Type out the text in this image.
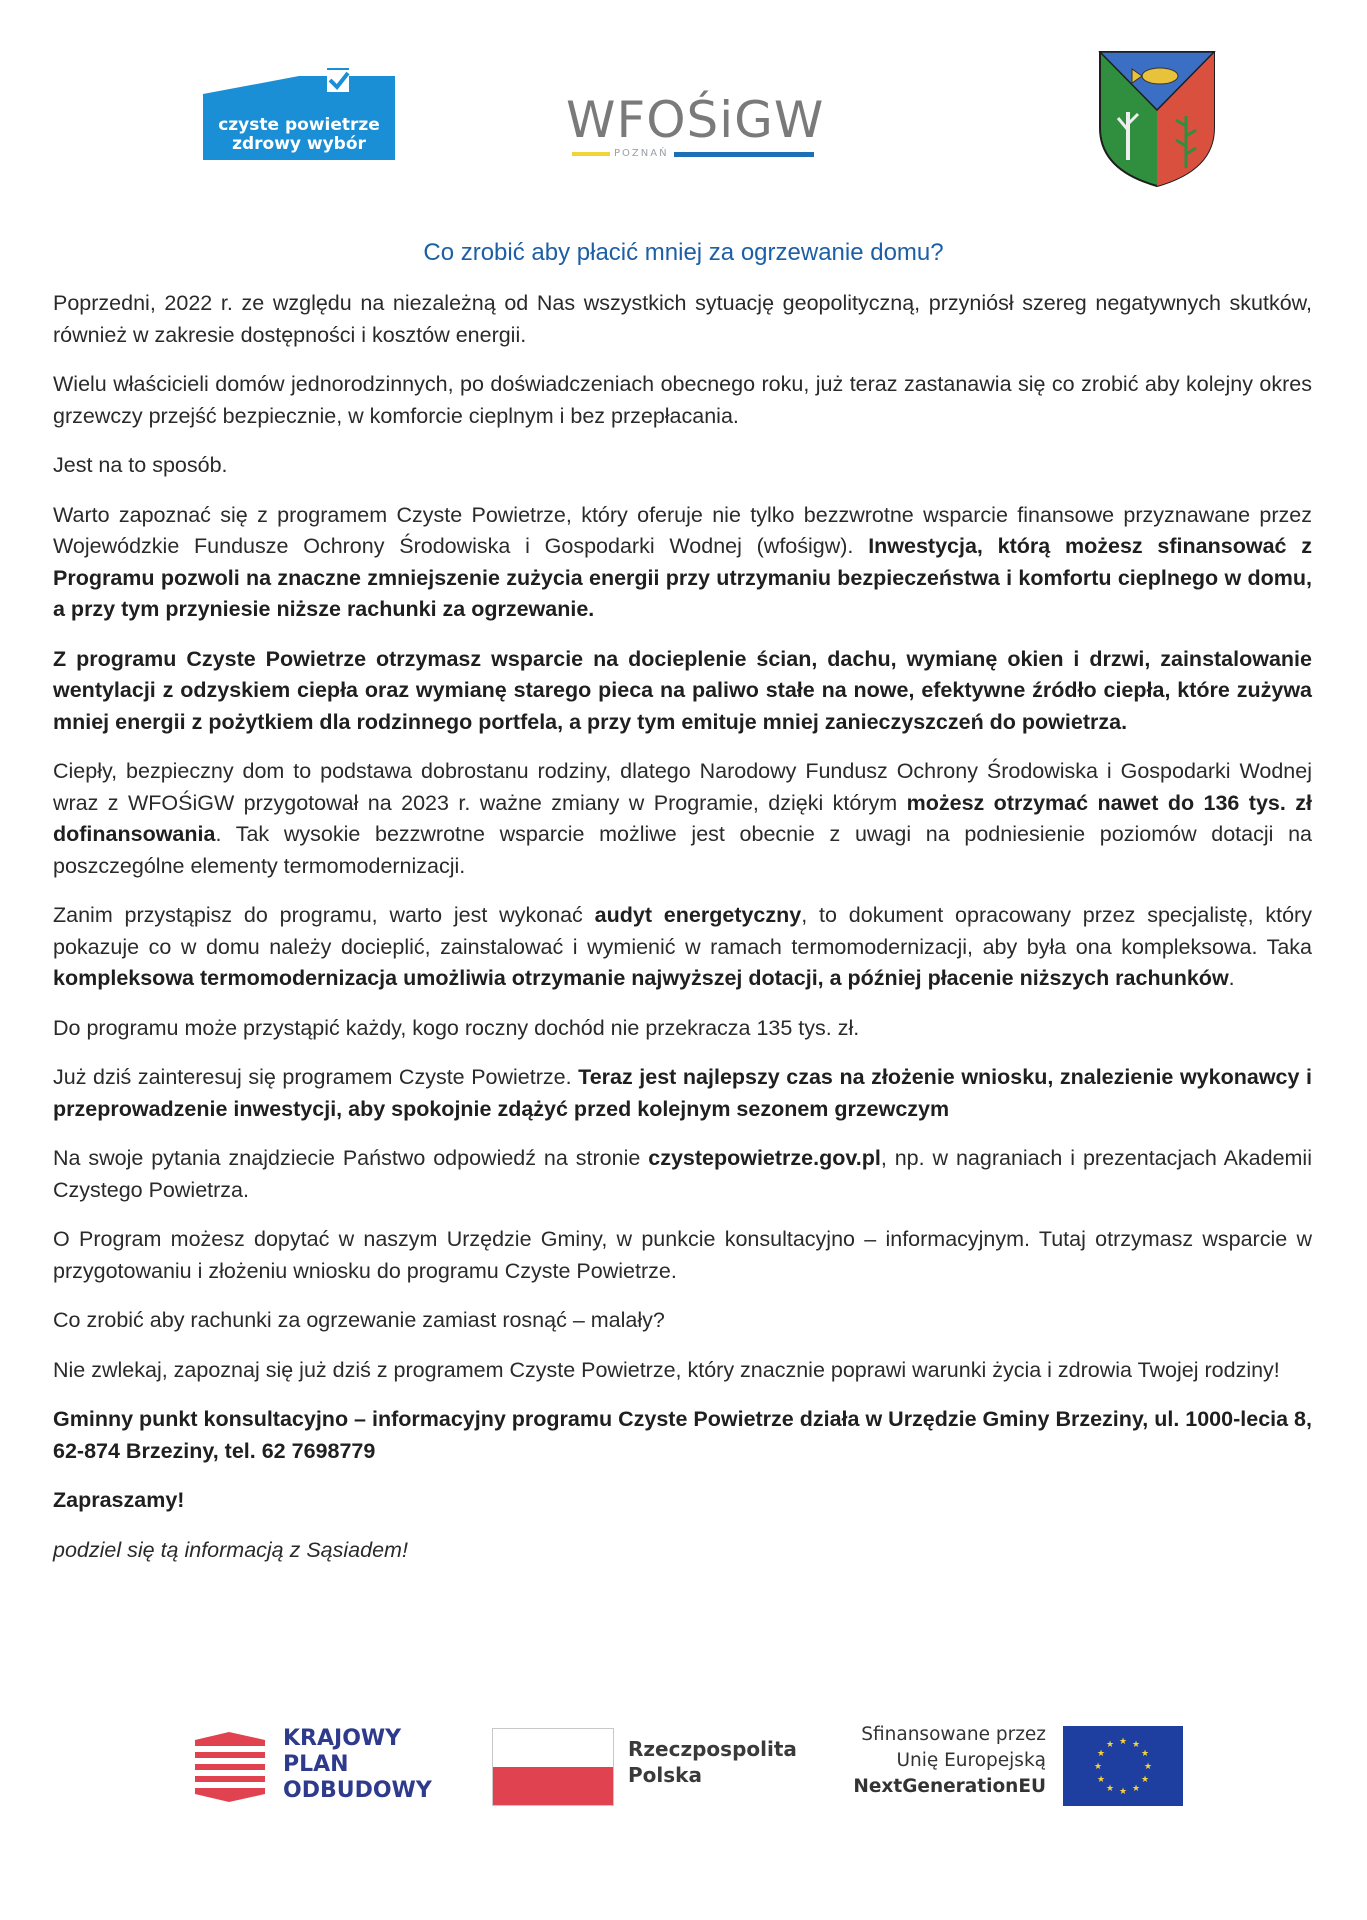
czyste powietrze
zdrowy wybór	WFOŚiGW
POZNAŃ
Co zrobić aby płacić mniej za ogrzewanie domu?

Poprzedni, 2022 r. ze względu na niezależną od Nas wszystkich sytuację geopolityczną, przyniósł szereg negatywnych skutków, również w zakresie dostępności i kosztów energii.

Wielu właścicieli domów jednorodzinnych, po doświadczeniach obecnego roku, już teraz zastanawia się co zrobić aby kolejny okres grzewczy przejść bezpiecznie, w komforcie cieplnym i bez przepłacania.

Jest na to sposób.

Warto zapoznać się z programem Czyste Powietrze, który oferuje nie tylko bezzwrotne wsparcie finansowe przyznawane przez Wojewódzkie Fundusze Ochrony Środowiska i Gospodarki Wodnej (wfośigw). Inwestycja, którą możesz sfinansować z Programu pozwoli na znaczne zmniejszenie zużycia energii przy utrzymaniu bezpieczeństwa i komfortu cieplnego w domu, a przy tym przyniesie niższe rachunki za ogrzewanie.

Z programu Czyste Powietrze otrzymasz wsparcie na docieplenie ścian, dachu, wymianę okien i drzwi, zainstalowanie wentylacji z odzyskiem ciepła oraz wymianę starego pieca na paliwo stałe na nowe, efektywne źródło ciepła, które zużywa mniej energii z pożytkiem dla rodzinnego portfela, a przy tym emituje mniej zanieczyszczeń do powietrza.

Ciepły, bezpieczny dom to podstawa dobrostanu rodziny, dlatego Narodowy Fundusz Ochrony Środowiska i Gospodarki Wodnej wraz z WFOŚiGW przygotował na 2023 r. ważne zmiany w Programie, dzięki którym możesz otrzymać nawet do 136 tys. zł dofinansowania. Tak wysokie bezzwrotne wsparcie możliwe jest obecnie z uwagi na podniesienie poziomów dotacji na poszczególne elementy termomodernizacji.

Zanim przystąpisz do programu, warto jest wykonać audyt energetyczny, to dokument opracowany przez specjalistę, który pokazuje co w domu należy docieplić, zainstalować i wymienić w ramach termomodernizacji, aby była ona kompleksowa. Taka kompleksowa termomodernizacja umożliwia otrzymanie najwyższej dotacji, a później płacenie niższych rachunków.

Do programu może przystąpić każdy, kogo roczny dochód nie przekracza 135 tys. zł.

Już dziś zainteresuj się programem Czyste Powietrze. Teraz jest najlepszy czas na złożenie wniosku, znalezienie wykonawcy i przeprowadzenie inwestycji, aby spokojnie zdążyć przed kolejnym sezonem grzewczym

Na swoje pytania znajdziecie Państwo odpowiedź na stronie czystepowietrze.gov.pl, np. w nagraniach i prezentacjach Akademii Czystego Powietrza.

O Program możesz dopytać w naszym Urzędzie Gminy, w punkcie konsultacyjno – informacyjnym. Tutaj otrzymasz wsparcie w przygotowaniu i złożeniu wniosku do programu Czyste Powietrze.

Co zrobić aby rachunki za ogrzewanie zamiast rosnąć – malały?

Nie zwlekaj, zapoznaj się już dziś z programem Czyste Powietrze, który znacznie poprawi warunki życia i zdrowia Twojej rodziny!

Gminny punkt konsultacyjno – informacyjny programu Czyste Powietrze działa w Urzędzie Gminy Brzeziny, ul. 1000-lecia 8, 62-874 Brzeziny, tel. 62 7698779

Zapraszamy!

podziel się tą informacją z Sąsiadem!

KRAJOWY
PLAN
ODBUDOWY
Rzeczpospolita
Polska
Sfinansowane przez
Unię Europejską
NextGenerationEU
★ ★
★
★
★
★
★
★
★
★
★
★
